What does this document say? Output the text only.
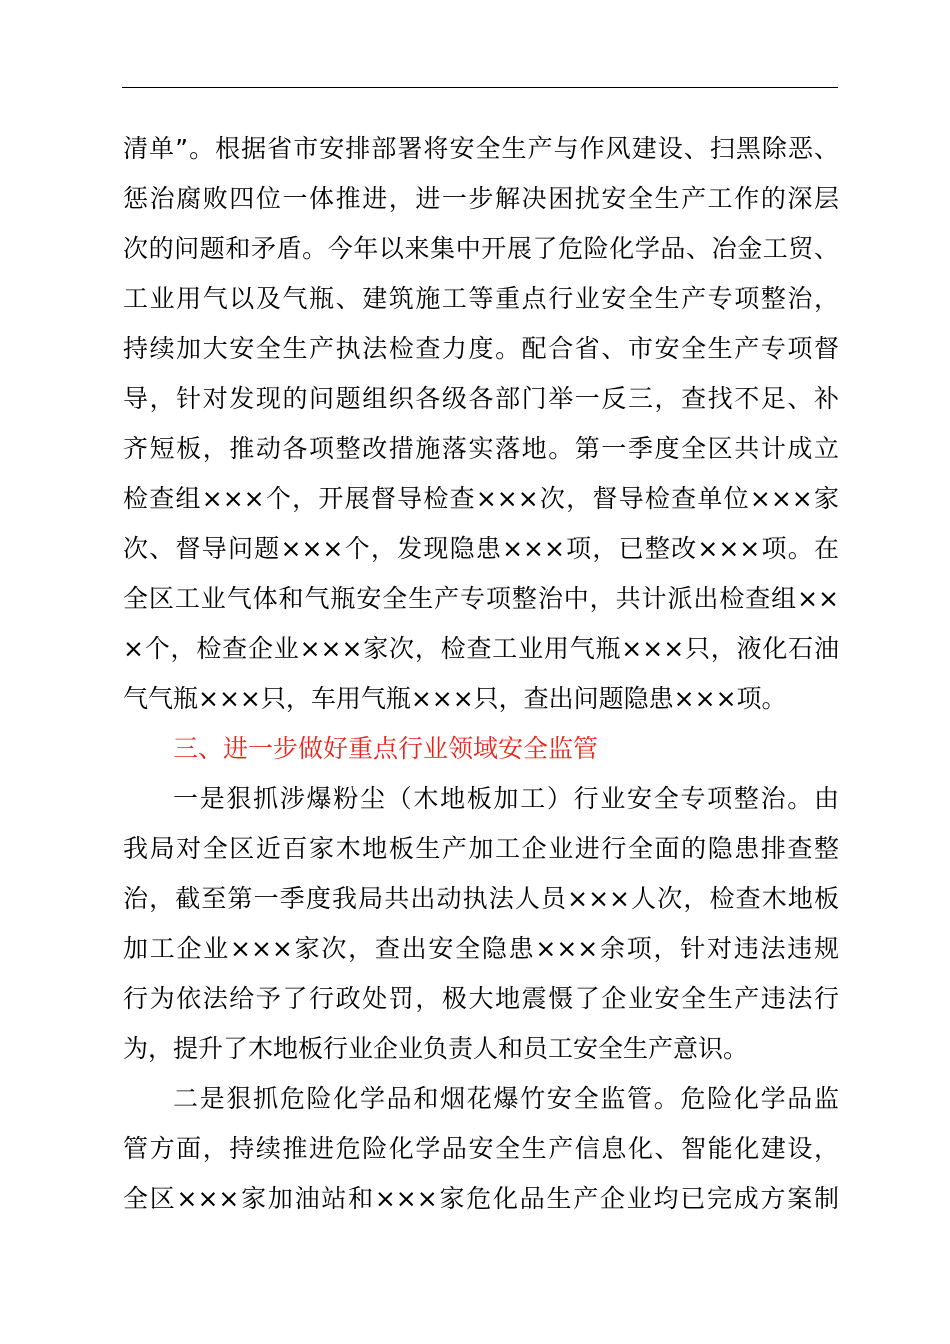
清单”。根据省市安排部署将安全生产与作风建设、扫黑除恶、
惩治腐败四位一体推进，进一步解决困扰安全生产工作的深层
次的问题和矛盾。今年以来集中开展了危险化学品、冶金工贸、
工业用气以及气瓶、建筑施工等重点行业安全生产专项整治，
持续加大安全生产执法检查力度。配合省、市安全生产专项督
导，针对发现的问题组织各级各部门举一反三，查找不足、补
齐短板，推动各项整改措施落实落地。第一季度全区共计成立
检查组×××个，开展督导检查×××次，督导检查单位×××家
次、督导问题×××个，发现隐患×××项，已整改×××项。在
全区工业气体和气瓶安全生产专项整治中，共计派出检查组××
×个，检查企业×××家次，检查工业用气瓶×××只，液化石油
气气瓶×××只，车用气瓶×××只，查出问题隐患×××项。
三、进一步做好重点行业领域安全监管
一是狠抓涉爆粉尘（木地板加工）行业安全专项整治。由
我局对全区近百家木地板生产加工企业进行全面的隐患排查整
治，截至第一季度我局共出动执法人员×××人次，检查木地板
加工企业×××家次，查出安全隐患×××余项，针对违法违规
行为依法给予了行政处罚，极大地震慑了企业安全生产违法行
为，提升了木地板行业企业负责人和员工安全生产意识。
二是狠抓危险化学品和烟花爆竹安全监管。危险化学品监
管方面，持续推进危险化学品安全生产信息化、智能化建设，
全区×××家加油站和×××家危化品生产企业均已完成方案制
